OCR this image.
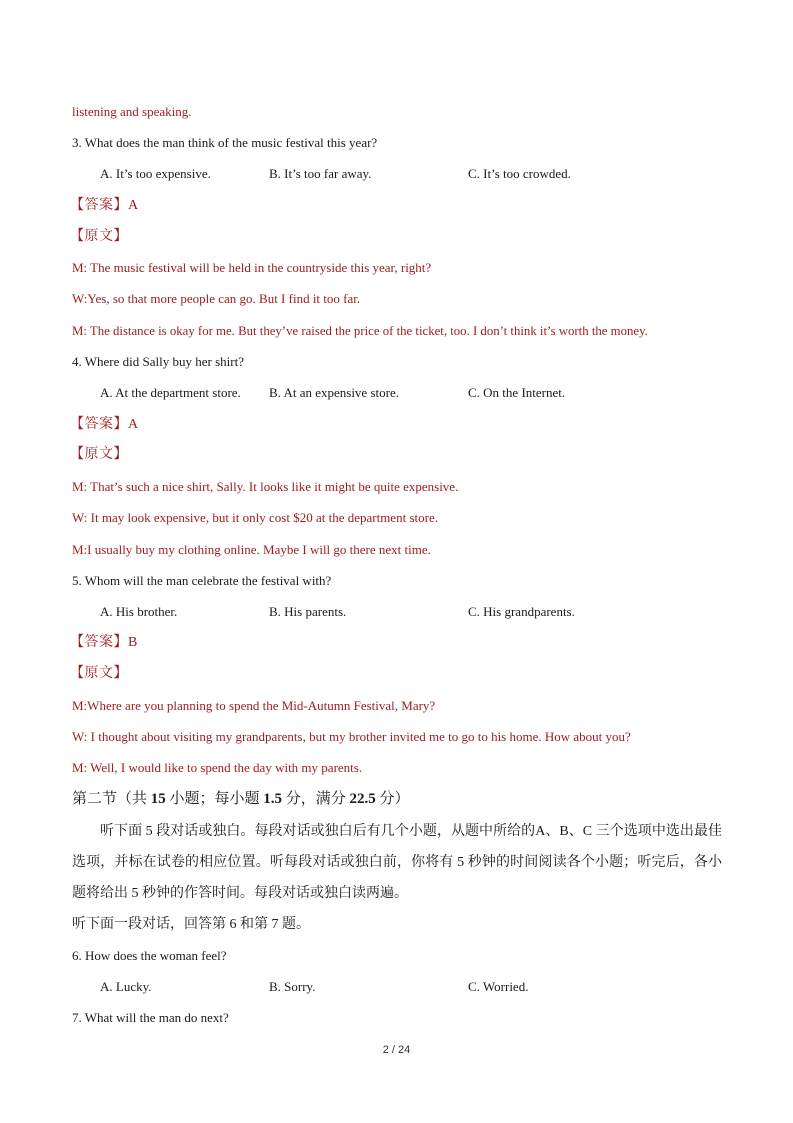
listening and speaking.
3. What does the man think of the music festival this year?
A. It’s too expensive.	B. It’s too far away.	C. It’s too crowded.
【答案】A
【原文】
M: The music festival will be held in the countryside this year, right?
W:Yes, so that more people can go. But I find it too far.
M: The distance is okay for me. But they’ve raised the price of the ticket, too. I don’t think it’s worth the money.
4. Where did Sally buy her shirt?
A. At the department store. B. At an expensive store.	C. On the Internet.
【答案】A
【原文】
M: That’s such a nice shirt, Sally. It looks like it might be quite expensive.
W: It may look expensive, but it only cost $20 at the department store.
M:I usually buy my clothing online. Maybe I will go there next time.
5. Whom will the man celebrate the festival with?
A. His brother.	B. His parents.	C. His grandparents.
【答案】B
【原文】
M:Where are you planning to spend the Mid-Autumn Festival, Mary?
W: I thought about visiting my grandparents, but my brother invited me to go to his home. How about you?
M: Well, I would like to spend the day with my parents.
第二节（共 15 小题；每小题 1.5 分，满分 22.5 分）
听下面 5 段对话或独白。每段对话或独白后有几个小题，从题中所给的A、B、C 三个选项中选出最佳选项，并标在试卷的相应位置。听每段对话或独白前，你将有 5 秒钟的时间阅读各个小题；听完后，各小题将给出 5 秒钟的作答时间。每段对话或独白读两遍。
听下面一段对话，回答第 6 和第 7 题。
6. How does the woman feel?
A. Lucky.	B. Sorry.	C. Worried.
7. What will the man do next?
2 / 24
